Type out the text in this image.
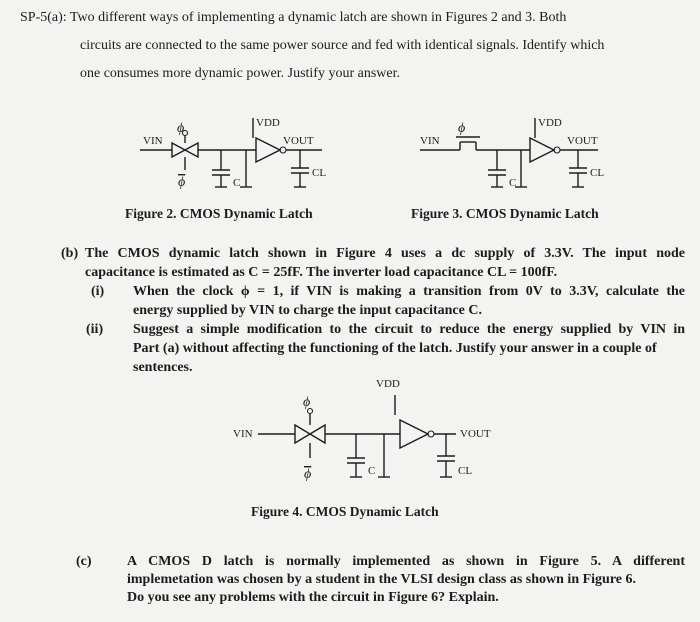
SP-5(a): Two different ways of implementing a dynamic latch are shown in Figures 2 and 3. Both
circuits are connected to the same power source and fed with identical signals. Identify which
one consumes more dynamic power. Justify your answer.
VDD
VIN
ϕ
ϕ	C
VOUT
CL
Figure 2. CMOS Dynamic Latch
VDD
VIN
ϕ
C
VOUT
CL
Figure 3. CMOS Dynamic Latch
(b) The CMOS dynamic latch shown in Figure 4 uses a dc supply of 3.3V. The input node
capacitance is estimated as C = 25fF. The inverter load capacitance CL = 100fF.
(i) When the clock ϕ = 1, if VIN is making a transition from 0V to 3.3V, calculate the
energy supplied by VIN to charge the input capacitance C.
(ii) Suggest a simple modification to the circuit to reduce the energy supplied by VIN in
Part (a) without affecting the functioning of the latch. Justify your answer in a couple of
sentences.
VDD
VIN
ϕ
ϕ	C
VOUT
CL
Figure 4. CMOS Dynamic Latch
(c)	A CMOS D latch is normally implemented as shown in Figure 5. A different
implemetation was chosen by a student in the VLSI design class as shown in Figure 6.
Do you see any problems with the circuit in Figure 6? Explain.
